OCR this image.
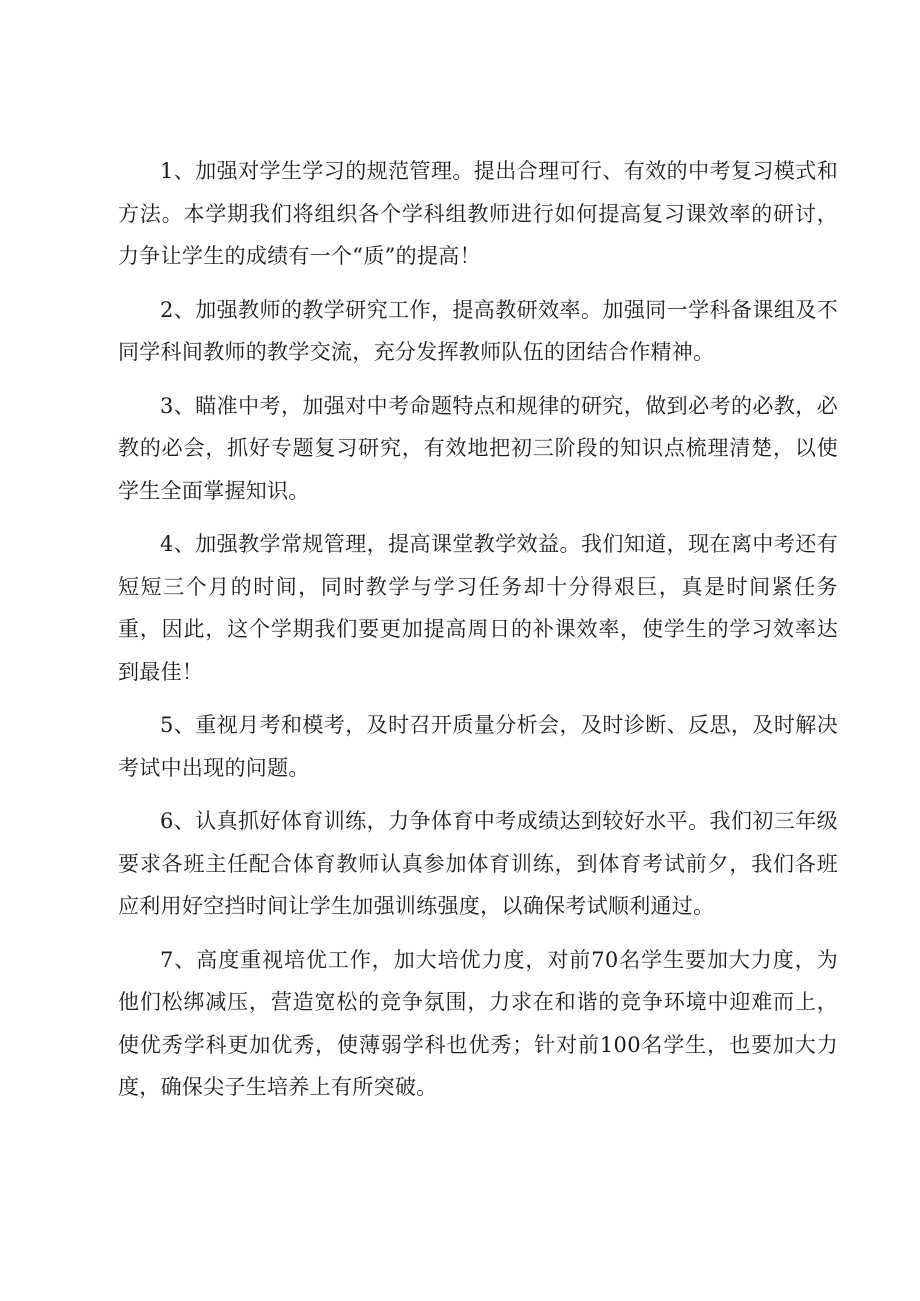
1、加强对学生学习的规范管理。提出合理可行、有效的中考复习模式和方法。本学期我们将组织各个学科组教师进行如何提高复习课效率的研讨，力争让学生的成绩有一个“质”的提高！

2、加强教师的教学研究工作，提高教研效率。加强同一学科备课组及不同学科间教师的教学交流，充分发挥教师队伍的团结合作精神。

3、瞄准中考，加强对中考命题特点和规律的研究，做到必考的必教，必教的必会，抓好专题复习研究，有效地把初三阶段的知识点梳理清楚，以使学生全面掌握知识。

4、加强教学常规管理，提高课堂教学效益。我们知道，现在离中考还有短短三个月的时间，同时教学与学习任务却十分得艰巨，真是时间紧任务重，因此，这个学期我们要更加提高周日的补课效率，使学生的学习效率达到最佳！

5、重视月考和模考，及时召开质量分析会，及时诊断、反思，及时解决考试中出现的问题。

6、认真抓好体育训练，力争体育中考成绩达到较好水平。我们初三年级要求各班主任配合体育教师认真参加体育训练，到体育考试前夕，我们各班应利用好空挡时间让学生加强训练强度，以确保考试顺利通过。

7、高度重视培优工作，加大培优力度，对前70名学生要加大力度，为他们松绑减压，营造宽松的竞争氛围，力求在和谐的竞争环境中迎难而上，使优秀学科更加优秀，使薄弱学科也优秀；针对前100名学生，也要加大力度，确保尖子生培养上有所突破。
